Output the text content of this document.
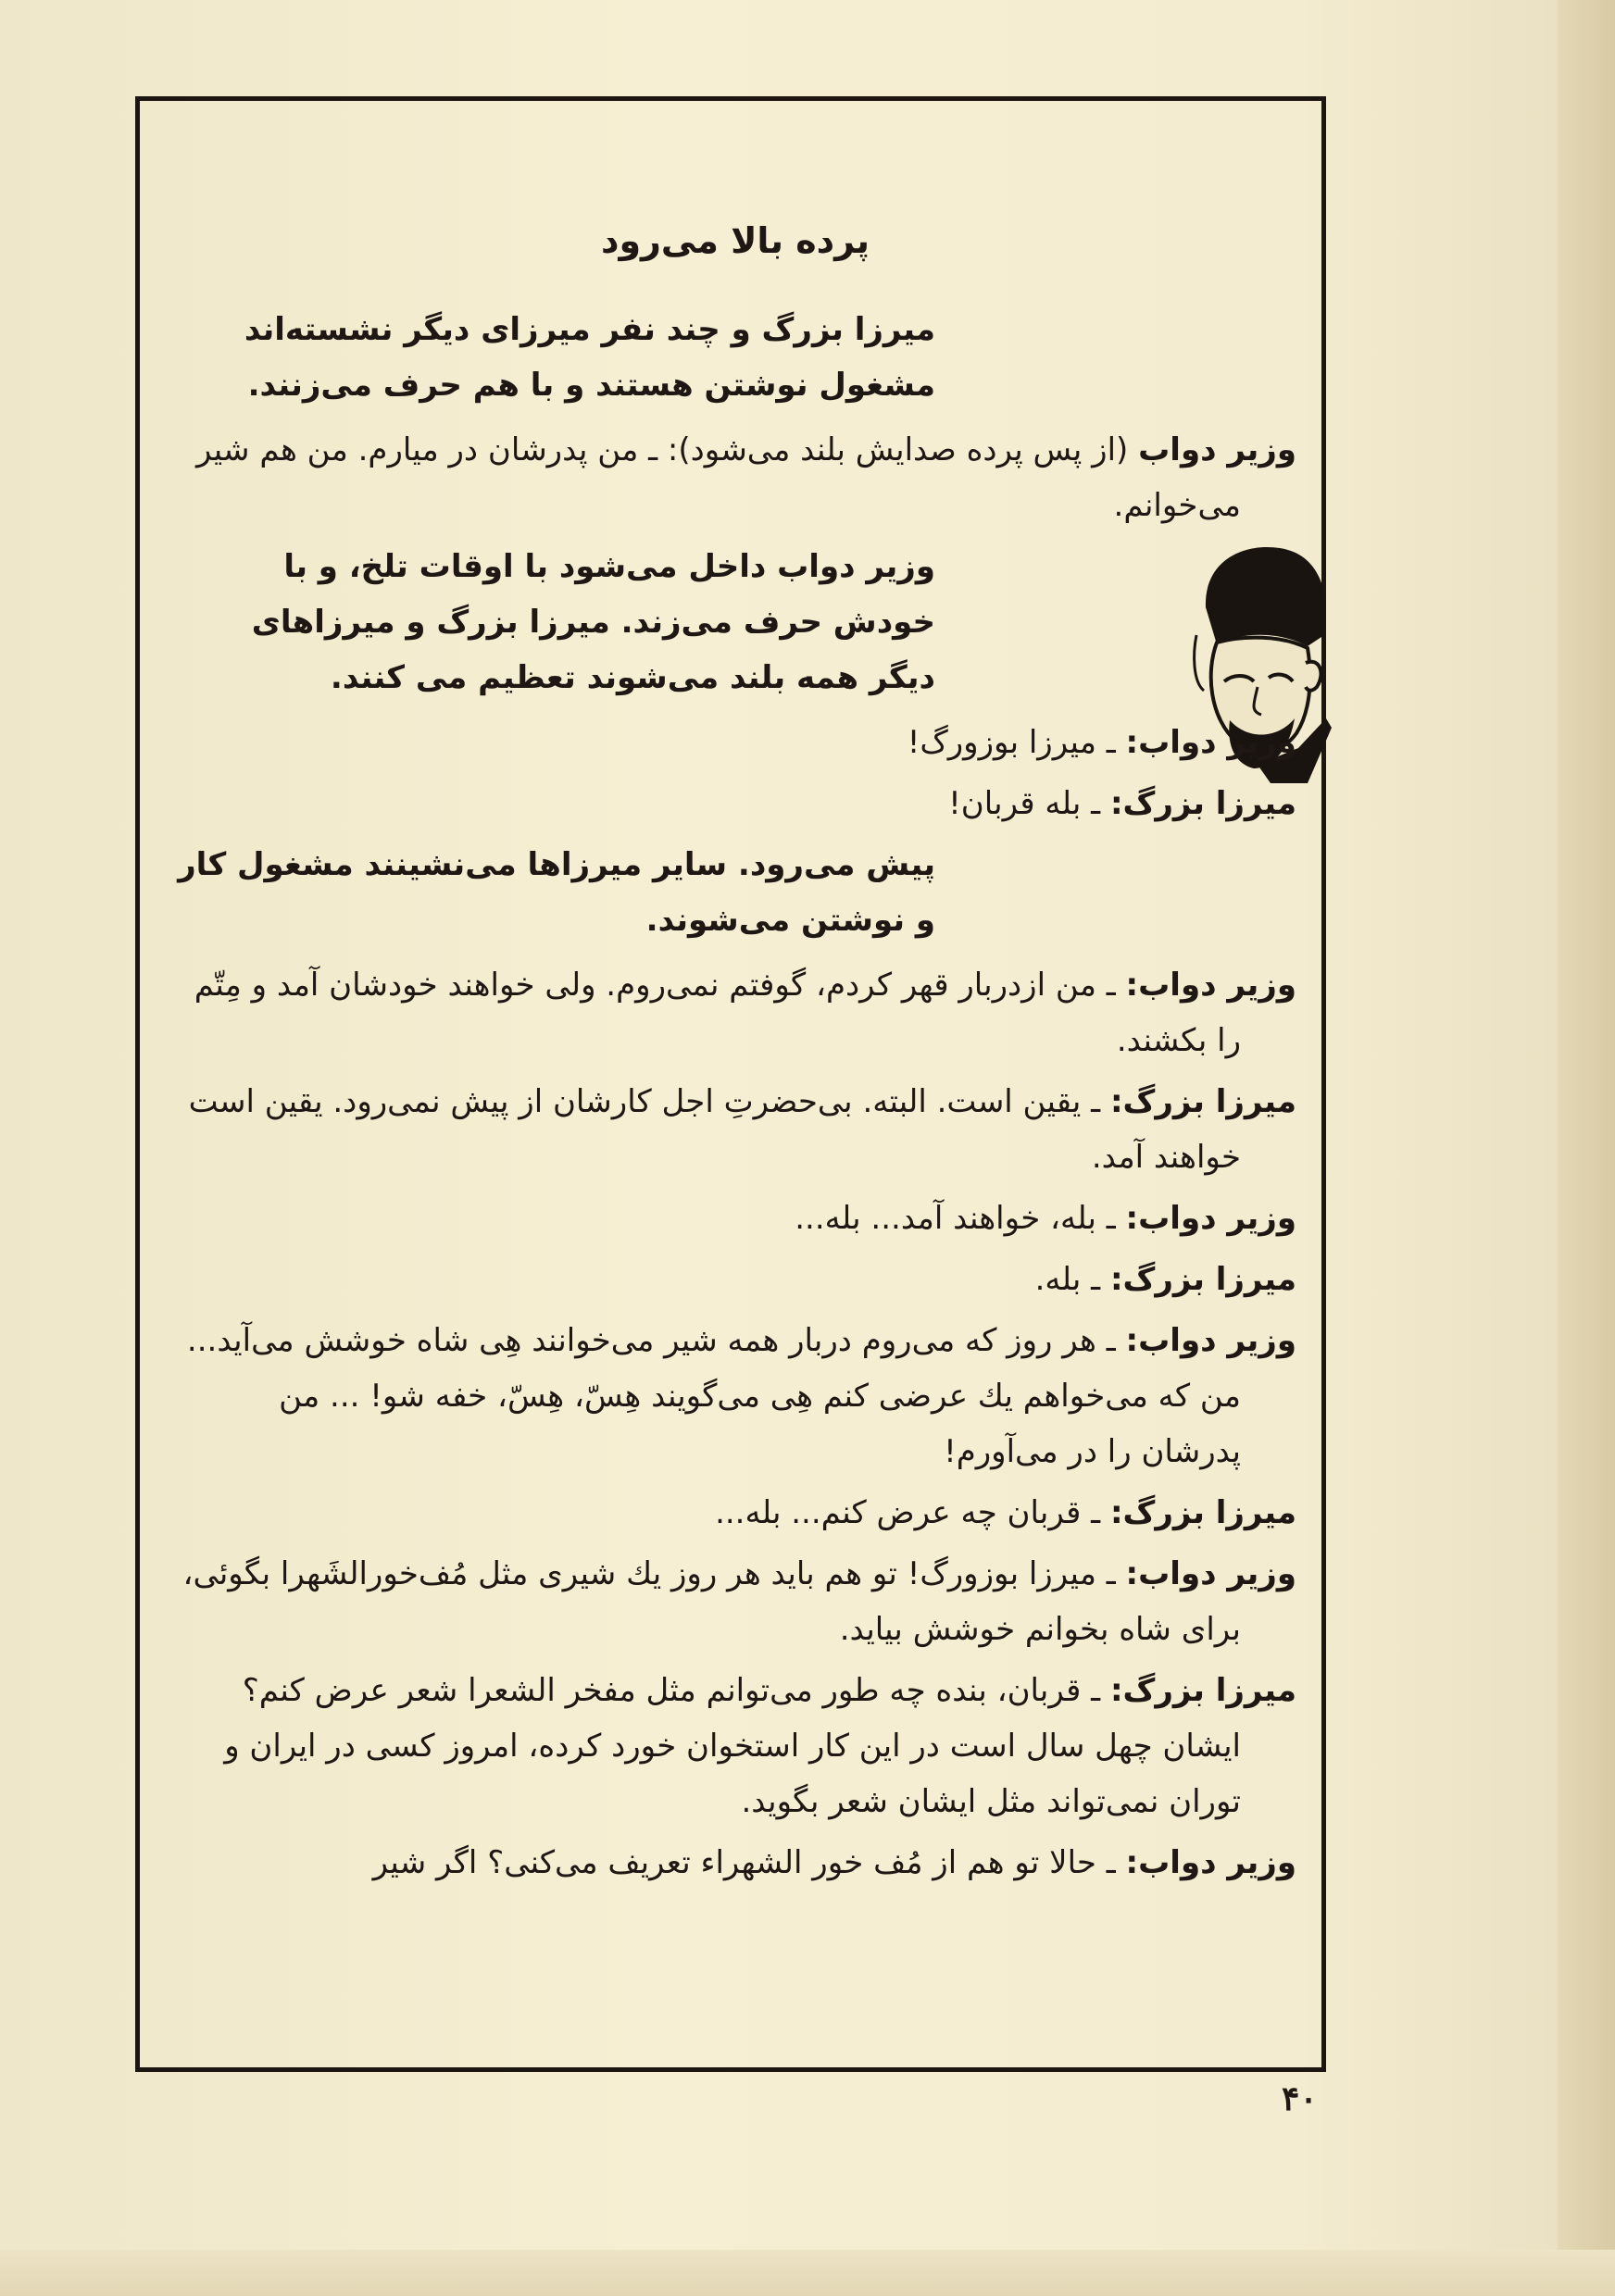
پرده بالا می‌رود
میرزا بزرگ و چند نفر میرزای دیگر نشسته‌اند مشغول نوشتن هستند و با هم حرف می‌زنند.
وزیر دواب (از پس پرده صدایش بلند می‌شود): ـ من پدرشان در میارم. من هم شیر می‌خوانم.
وزیر دواب داخل می‌شود با اوقات تلخ، و با خودش حرف می‌زند. میرزا بزرگ و میرزاهای دیگر همه بلند می‌شوند تعظیم می کنند.
وزیر دواب: ـ میرزا بوزورگ!
میرزا بزرگ: ـ بله قربان!
پیش می‌رود. سایر میرزاها می‌نشینند مشغول کار و نوشتن می‌شوند.
وزیر دواب: ـ من ازدربار قهر کردم، گوفتم نمی‌روم. ولی خواهند خودشان آمد و مِتّم را بکشند.
میرزا بزرگ: ـ یقین است. البته. بی‌حضرتِ اجل کارشان از پیش نمی‌رود. یقین است خواهند آمد.
وزیر دواب: ـ بله، خواهند آمد... بله...
میرزا بزرگ: ـ بله.
وزیر دواب: ـ هر روز که می‌روم دربار همه شیر می‌خوانند هِی شاه خوشش می‌آید... من که می‌خواهم یك عرضی کنم هِی می‌گویند هِسّ، هِسّ، خفه شو! ... من پدرشان را در می‌آورم!
میرزا بزرگ: ـ قربان چه عرض کنم... بله...
وزیر دواب: ـ میرزا بوزورگ! تو هم باید هر روز یك شیری مثل مُف‌خورالشَهرا بگوئی، برای شاه بخوانم خوشش بیاید.
میرزا بزرگ: ـ قربان، بنده چه طور می‌توانم مثل مفخر الشعرا شعر عرض کنم؟ ایشان چهل سال است در این کار استخوان خورد کرده، امروز کسی در ایران و توران نمی‌تواند مثل ایشان شعر بگوید.
وزیر دواب: ـ حالا تو هم از مُف خور الشهراء تعریف می‌کنی؟ اگر شیر
۴۰
